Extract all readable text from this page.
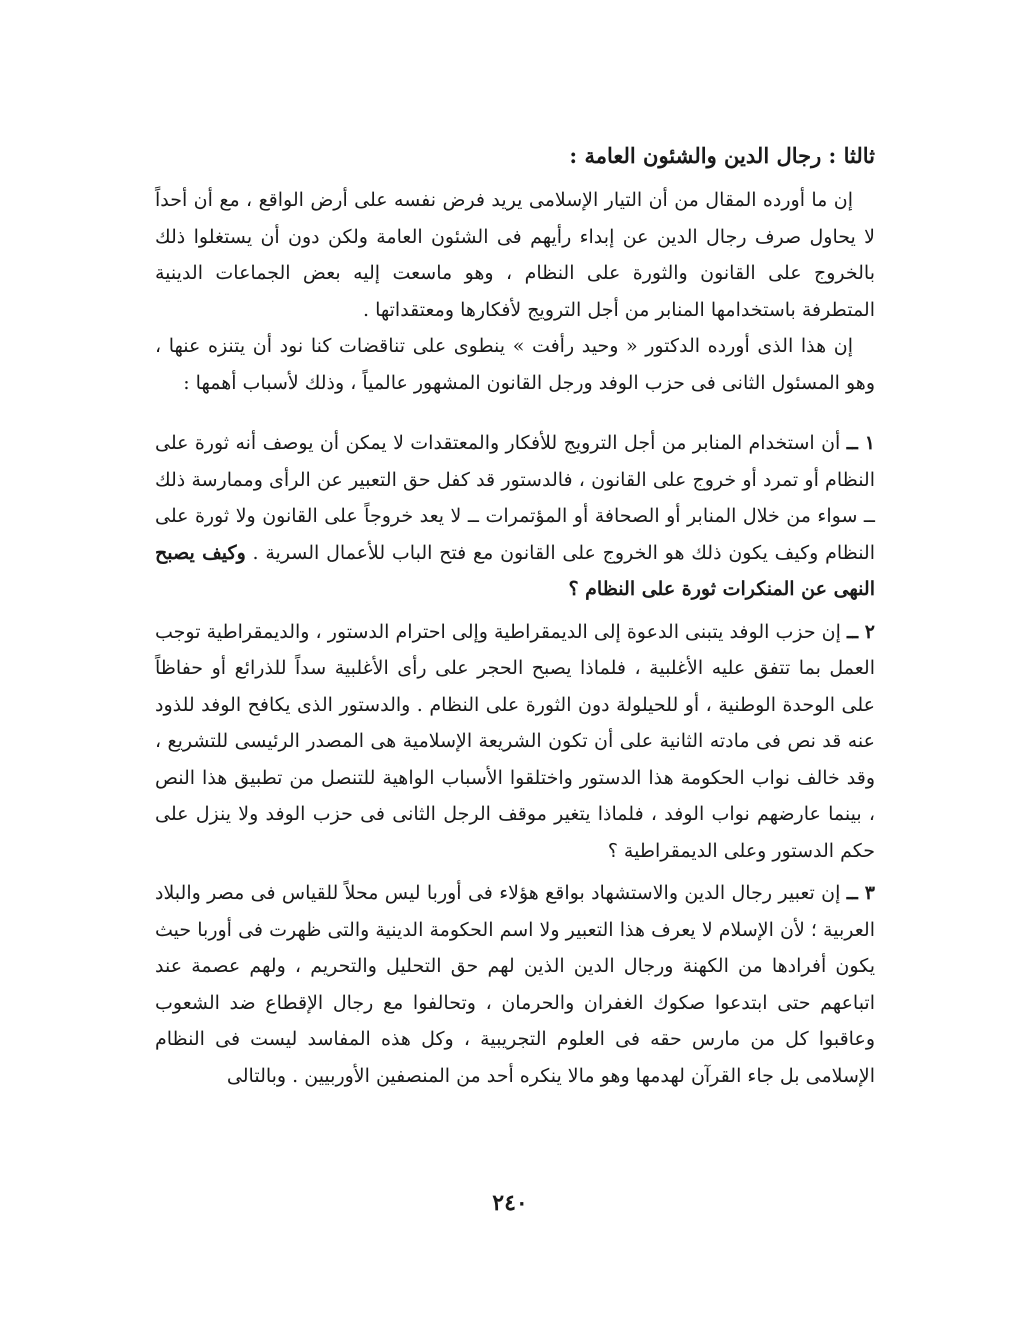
ثالثا : رجال الدين والشئون العامة :

إن ما أورده المقال من أن التيار الإسلامى يريد فرض نفسه على أرض الواقع ، مع أن أحداً لا يحاول صرف رجال الدين عن إبداء رأيهم فى الشئون العامة ولكن دون أن يستغلوا ذلك بالخروج على القانون والثورة على النظام ، وهو ماسعت إليه بعض الجماعات الدينية المتطرفة باستخدامها المنابر من أجل الترويج لأفكارها ومعتقداتها .

إن هذا الذى أورده الدكتور « وحيد رأفت » ينطوى على تناقضات كنا نود أن يتنزه عنها ، وهو المسئول الثانى فى حزب الوفد ورجل القانون المشهور عالمياً ، وذلك لأسباب أهمها :

١ ــ أن استخدام المنابر من أجل الترويج للأفكار والمعتقدات لا يمكن أن يوصف أنه ثورة على النظام أو تمرد أو خروج على القانون ، فالدستور قد كفل حق التعبير عن الرأى وممارسة ذلك ــ سواء من خلال المنابر أو الصحافة أو المؤتمرات ــ لا يعد خروجاً على القانون ولا ثورة على النظام وكيف يكون ذلك هو الخروج على القانون مع فتح الباب للأعمال السرية . وكيف يصبح النهى عن المنكرات ثورة على النظام ؟

٢ ــ إن حزب الوفد يتبنى الدعوة إلى الديمقراطية وإلى احترام الدستور ، والديمقراطية توجب العمل بما تتفق عليه الأغلبية ، فلماذا يصبح الحجر على رأى الأغلبية سداً للذرائع أو حفاظاً على الوحدة الوطنية ، أو للحيلولة دون الثورة على النظام . والدستور الذى يكافح الوفد للذود عنه قد نص فى مادته الثانية على أن تكون الشريعة الإسلامية هى المصدر الرئيسى للتشريع ، وقد خالف نواب الحكومة هذا الدستور واختلقوا الأسباب الواهية للتنصل من تطبيق هذا النص ، بينما عارضهم نواب الوفد ، فلماذا يتغير موقف الرجل الثانى فى حزب الوفد ولا ينزل على حكم الدستور وعلى الديمقراطية ؟

٣ ــ إن تعبير رجال الدين والاستشهاد بواقع هؤلاء فى أوربا ليس محلاً للقياس فى مصر والبلاد العربية ؛ لأن الإسلام لا يعرف هذا التعبير ولا اسم الحكومة الدينية والتى ظهرت فى أوربا حيث يكون أفرادها من الكهنة ورجال الدين الذين لهم حق التحليل والتحريم ، ولهم عصمة عند اتباعهم حتى ابتدعوا صكوك الغفران والحرمان ، وتحالفوا مع رجال الإقطاع ضد الشعوب وعاقبوا كل من مارس حقه فى العلوم التجريبية ، وكل هذه المفاسد ليست فى النظام الإسلامى بل جاء القرآن لهدمها وهو مالا ينكره أحد من المنصفين الأوربيين . وبالتالى

٢٤٠
